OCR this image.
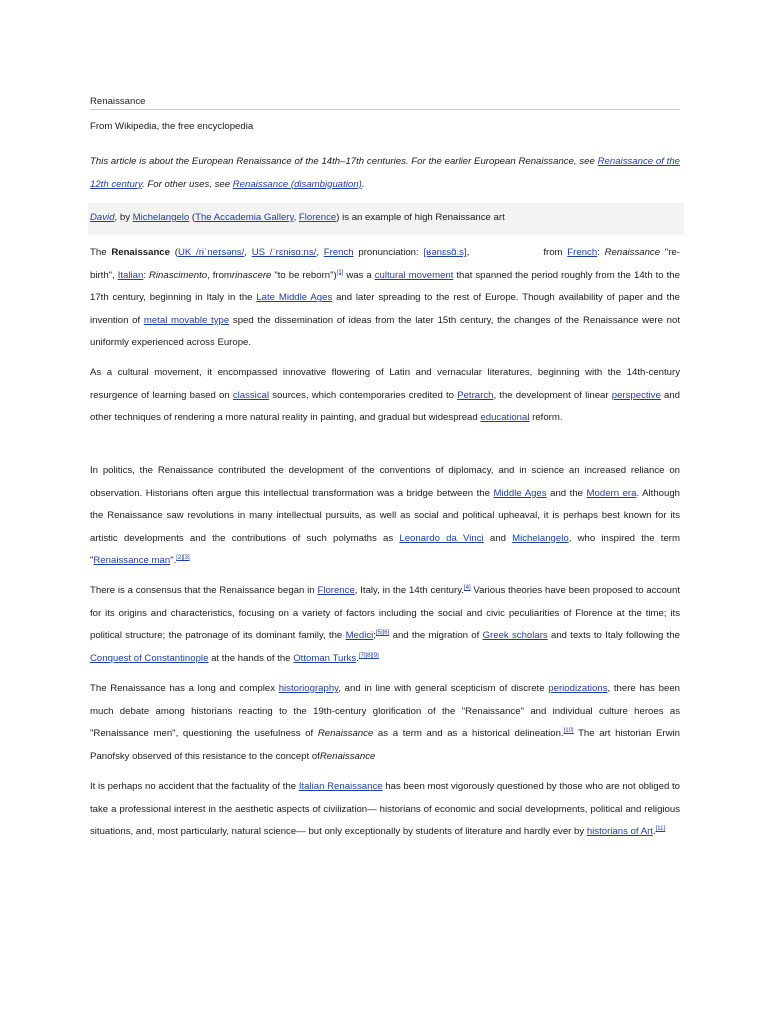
Renaissance
From Wikipedia, the free encyclopedia

This article is about the European Renaissance of the 14th–17th centuries. For the earlier European Renaissance, see Renaissance of the 12th century. For other uses, see Renaissance (disambiguation).

David, by Michelangelo (The Accademia Gallery, Florence) is an example of high Renaissance art

The Renaissance (UK /rɨˈneɪsəns/, US /ˈrɛnɨsɑːns/, French pronunciation: [ʁənɛsɑ̃ːs],	from French: Renaissance "re-birth", Italian: Rinascimento, fromrinascere "to be reborn")[1] was a cultural movement that spanned the period roughly from the 14th to the 17th century, beginning in Italy in the Late Middle Ages and later spreading to the rest of Europe. Though availability of paper and the invention of metal movable type sped the dissemination of ideas from the later 15th century, the changes of the Renaissance were not uniformly experienced across Europe.

As a cultural movement, it encompassed innovative flowering of Latin and vernacular literatures, beginning with the 14th-century resurgence of learning based on classical sources, which contemporaries credited to Petrarch, the development of linear perspective and other techniques of rendering a more natural reality in painting, and gradual but widespread educational reform.

In politics, the Renaissance contributed the development of the conventions of diplomacy, and in science an increased reliance on observation. Historians often argue this intellectual transformation was a bridge between the Middle Ages and the Modern era. Although the Renaissance saw revolutions in many intellectual pursuits, as well as social and political upheaval, it is perhaps best known for its artistic developments and the contributions of such polymaths as Leonardo da Vinci and Michelangelo, who inspired the term "Renaissance man".[2][3]

There is a consensus that the Renaissance began in Florence, Italy, in the 14th century.[4] Various theories have been proposed to account for its origins and characteristics, focusing on a variety of factors including the social and civic peculiarities of Florence at the time; its political structure; the patronage of its dominant family, the Medici;[5][6] and the migration of Greek scholars and texts to Italy following the Conquest of Constantinople at the hands of the Ottoman Turks.[7][8][9]

The Renaissance has a long and complex historiography, and in line with general scepticism of discrete periodizations, there has been much debate among historians reacting to the 19th-century glorification of the "Renaissance" and individual culture heroes as "Renaissance men", questioning the usefulness of Renaissance as a term and as a historical delineation.[10] The art historian Erwin Panofsky observed of this resistance to the concept ofRenaissance

It is perhaps no accident that the factuality of the Italian Renaissance has been most vigorously questioned by those who are not obliged to take a professional interest in the aesthetic aspects of civilization— historians of economic and social developments, political and religious situations, and, most particularly, natural science— but only exceptionally by students of literature and hardly ever by historians of Art.[11]
